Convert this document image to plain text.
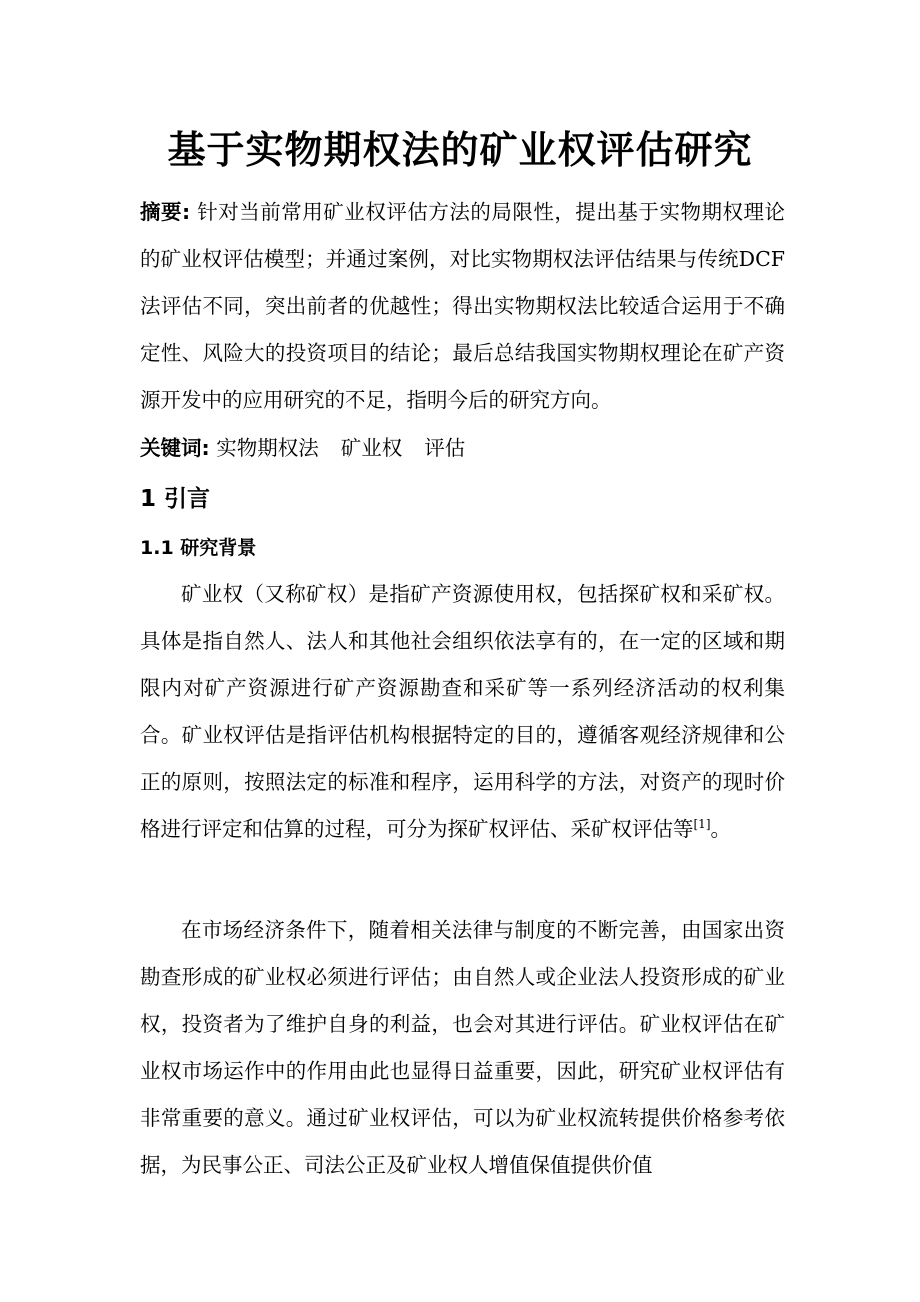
基于实物期权法的矿业权评估研究

摘要: 针对当前常用矿业权评估方法的局限性，提出基于实物期权理论的矿业权评估模型；并通过案例，对比实物期权法评估结果与传统DCF法评估不同，突出前者的优越性；得出实物期权法比较适合运用于不确定性、风险大的投资项目的结论；最后总结我国实物期权理论在矿产资源开发中的应用研究的不足，指明今后的研究方向。

关键词: 实物期权法 矿业权 评估

1 引言
1.1 研究背景

矿业权（又称矿权）是指矿产资源使用权，包括探矿权和采矿权。具体是指自然人、法人和其他社会组织依法享有的，在一定的区域和期限内对矿产资源进行矿产资源勘查和采矿等一系列经济活动的权利集合。矿业权评估是指评估机构根据特定的目的，遵循客观经济规律和公正的原则，按照法定的标准和程序，运用科学的方法，对资产的现时价格进行评定和估算的过程，可分为探矿权评估、采矿权评估等[1]。

在市场经济条件下，随着相关法律与制度的不断完善，由国家出资勘查形成的矿业权必须进行评估；由自然人或企业法人投资形成的矿业权，投资者为了维护自身的利益，也会对其进行评估。矿业权评估在矿业权市场运作中的作用由此也显得日益重要，因此，研究矿业权评估有非常重要的意义。通过矿业权评估，可以为矿业权流转提供价格参考依据，为民事公正、司法公正及矿业权人增值保值提供价值
